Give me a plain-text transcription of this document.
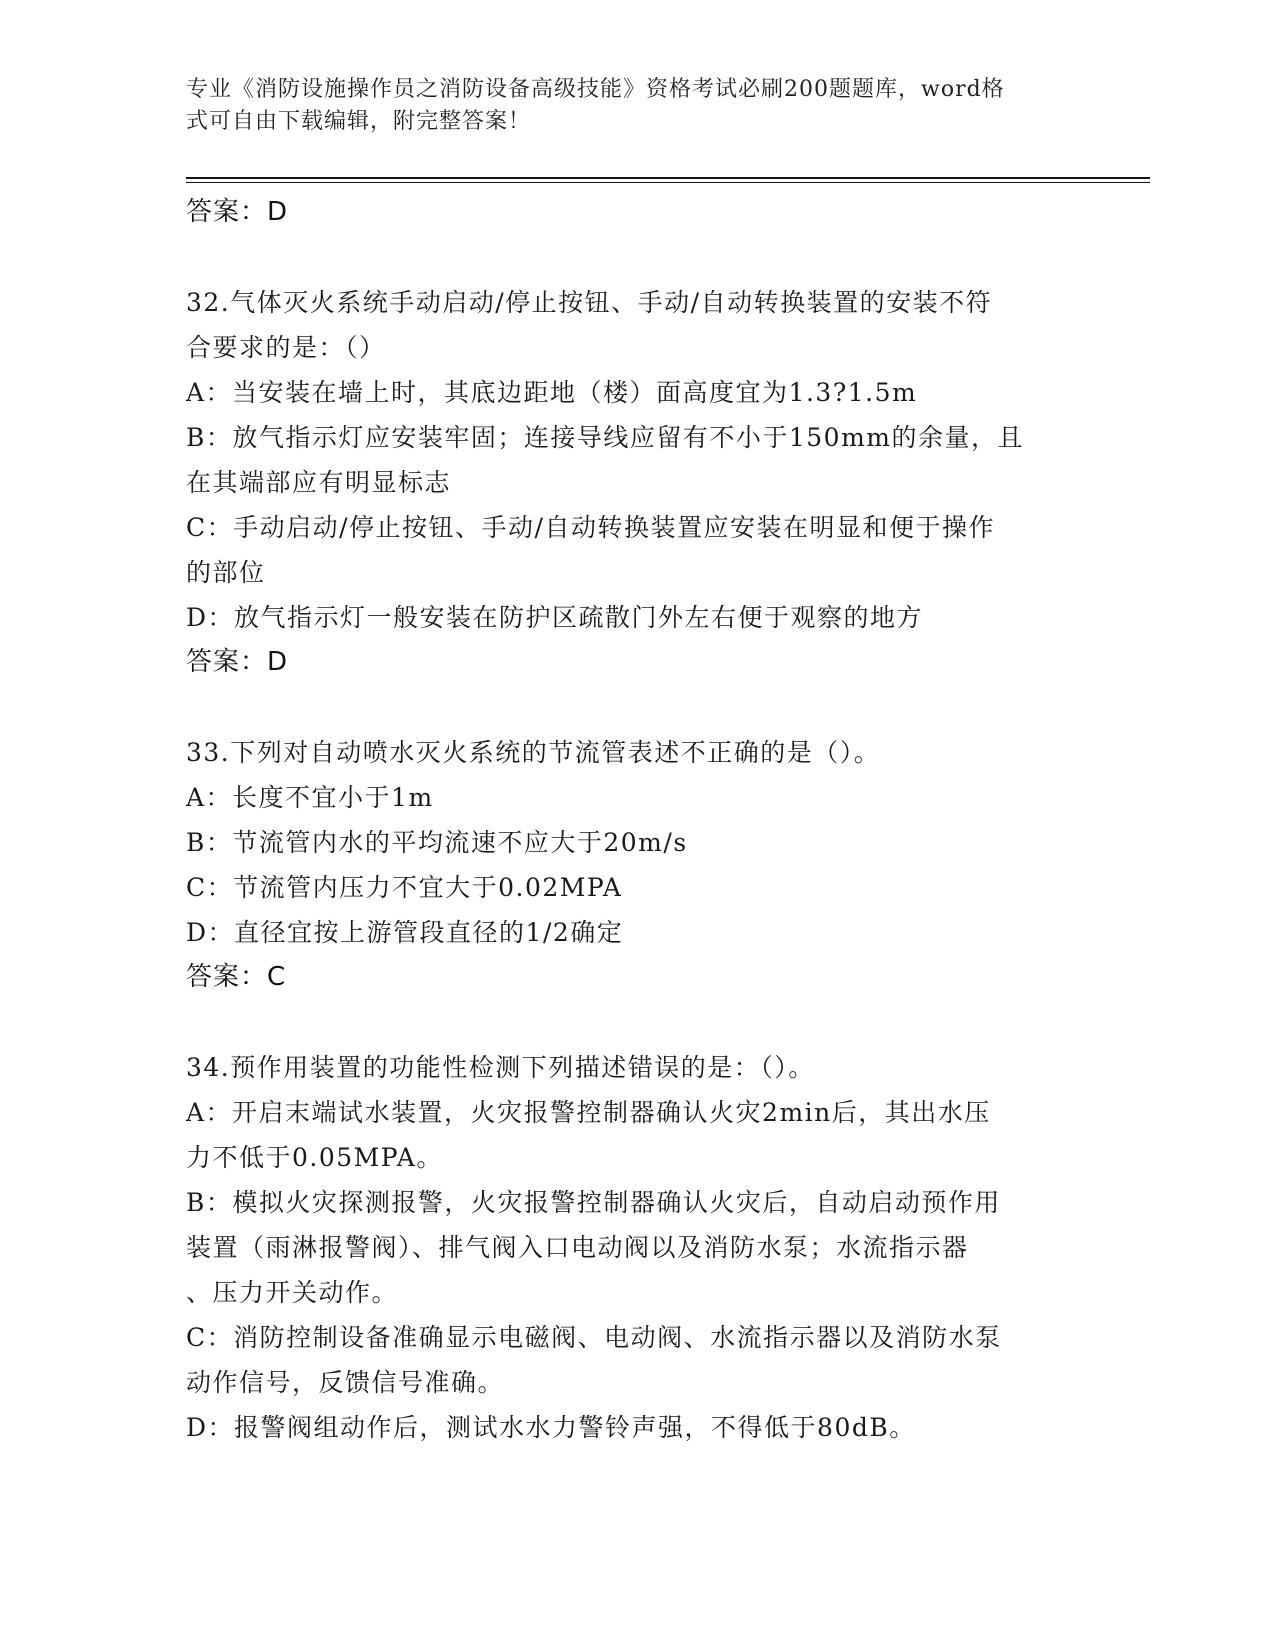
专业《消防设施操作员之消防设备高级技能》资格考试必刷200题题库，word格
式可自由下载编辑，附完整答案！
答案：D
32.气体灭火系统手动启动/停止按钮、手动/自动转换装置的安装不符
合要求的是：（）
A：当安装在墙上时，其底边距地（楼）面高度宜为1.3?1.5m
B：放气指示灯应安装牢固；连接导线应留有不小于150mm的余量，且
在其端部应有明显标志
C：手动启动/停止按钮、手动/自动转换装置应安装在明显和便于操作
的部位
D：放气指示灯一般安装在防护区疏散门外左右便于观察的地方
答案：D
33.下列对自动喷水灭火系统的节流管表述不正确的是（）。
A：长度不宜小于1m
B：节流管内水的平均流速不应大于20m/s
C：节流管内压力不宜大于0.02MPA
D：直径宜按上游管段直径的1/2确定
答案：C
34.预作用装置的功能性检测下列描述错误的是：（）。
A：开启末端试水装置，火灾报警控制器确认火灾2min后，其出水压
力不低于0.05MPA。
B：模拟火灾探测报警，火灾报警控制器确认火灾后，自动启动预作用
装置（雨淋报警阀）、排气阀入口电动阀以及消防水泵；水流指示器
、压力开关动作。
C：消防控制设备准确显示电磁阀、电动阀、水流指示器以及消防水泵
动作信号，反馈信号准确。
D：报警阀组动作后，测试水水力警铃声强，不得低于80dB。
